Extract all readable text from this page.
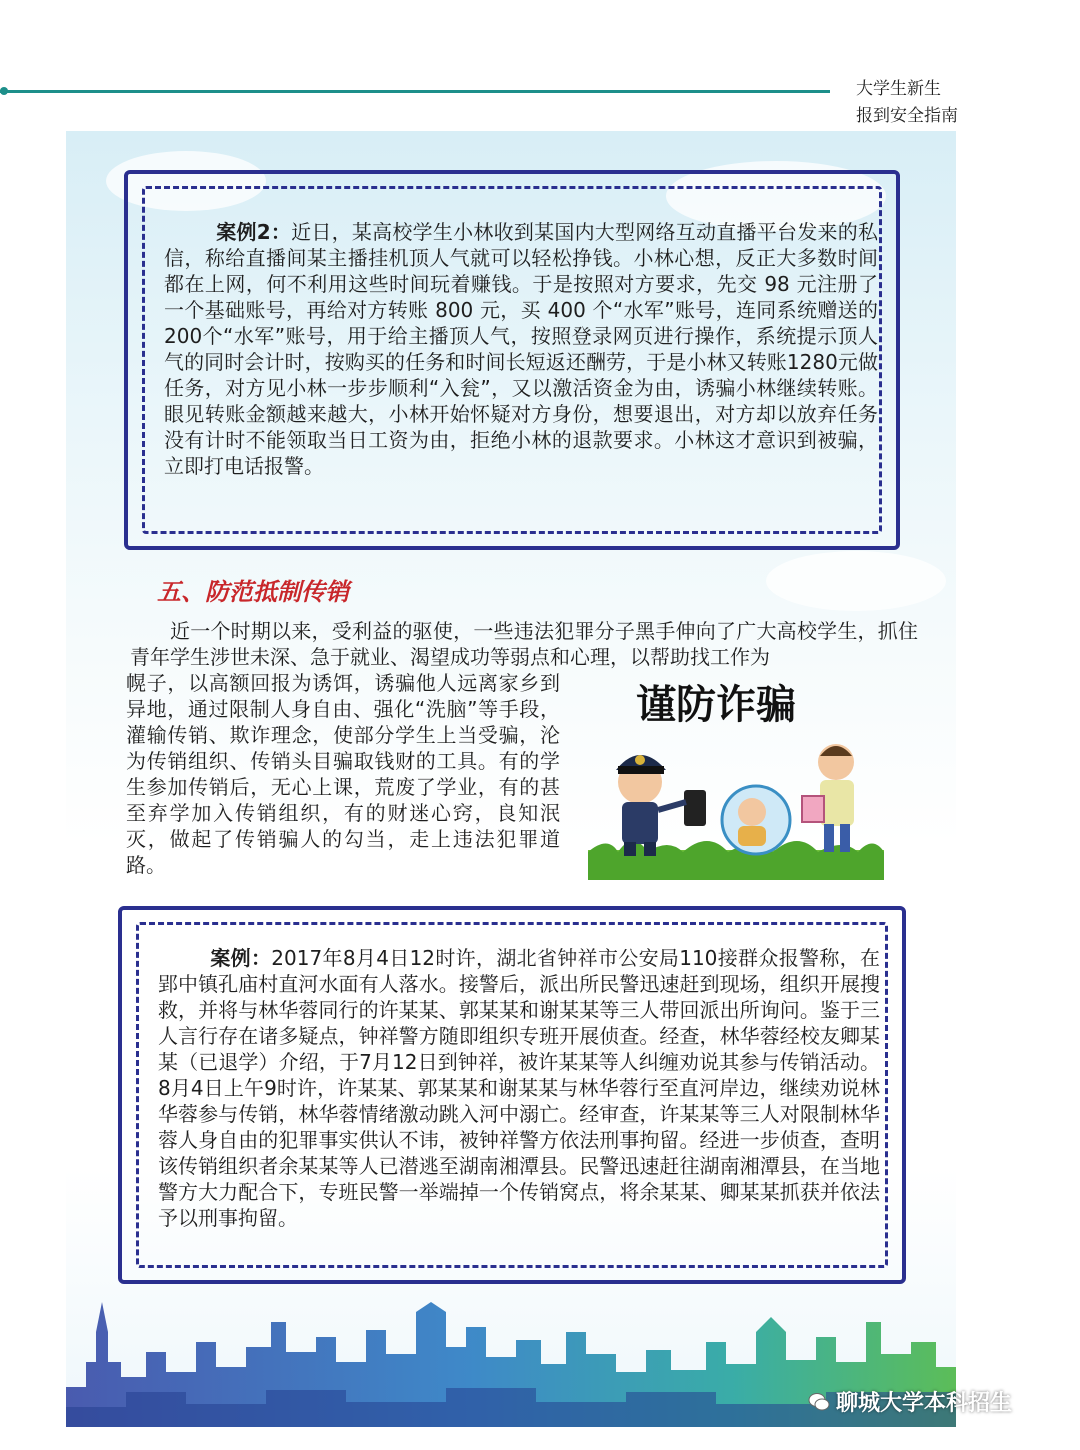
大学生新生
报到安全指南
案例2：近日，某高校学生小林收到某国内大型网络互动直播平台发来的私信，称给直播间某主播挂机顶人气就可以轻松挣钱。小林心想，反正大多数时间都在上网，何不利用这些时间玩着赚钱。于是按照对方要求，先交 98 元注册了一个基础账号，再给对方转账 800 元，买 400 个“水军”账号，连同系统赠送的200个“水军”账号，用于给主播顶人气，按照登录网页进行操作，系统提示顶人气的同时会计时，按购买的任务和时间长短返还酬劳，于是小林又转账1280元做任务，对方见小林一步步顺利“入瓮”，又以激活资金为由，诱骗小林继续转账。眼见转账金额越来越大，小林开始怀疑对方身份，想要退出，对方却以放弃任务没有计时不能领取当日工资为由，拒绝小林的退款要求。小林这才意识到被骗，立即打电话报警。
五、防范抵制传销
近一个时期以来，受利益的驱使，一些违法犯罪分子黑手伸向了广大高校学生，抓住青年学生涉世未深、急于就业、渴望成功等弱点和心理，以帮助找工作为
幌子，以高额回报为诱饵，诱骗他人远离家乡到异地，通过限制人身自由、强化“洗脑”等手段，灌输传销、欺诈理念，使部分学生上当受骗，沦为传销组织、传销头目骗取钱财的工具。有的学生参加传销后，无心上课，荒废了学业，有的甚至弃学加入传销组织，有的财迷心窍，良知泯灭，做起了传销骗人的勾当，走上违法犯罪道路。
谨防诈骗
案例：2017年8月4日12时许，湖北省钟祥市公安局110接群众报警称，在郢中镇孔庙村直河水面有人落水。接警后，派出所民警迅速赶到现场，组织开展搜救，并将与林华蓉同行的许某某、郭某某和谢某某等三人带回派出所询问。鉴于三人言行存在诸多疑点，钟祥警方随即组织专班开展侦查。经查，林华蓉经校友卿某某（已退学）介绍，于7月12日到钟祥，被许某某等人纠缠劝说其参与传销活动。8月4日上午9时许，许某某、郭某某和谢某某与林华蓉行至直河岸边，继续劝说林华蓉参与传销，林华蓉情绪激动跳入河中溺亡。经审查，许某某等三人对限制林华蓉人身自由的犯罪事实供认不讳，被钟祥警方依法刑事拘留。经进一步侦查，查明该传销组织者余某某等人已潜逃至湖南湘潭县。民警迅速赶往湖南湘潭县，在当地警方大力配合下，专班民警一举端掉一个传销窝点，将余某某、卿某某抓获并依法予以刑事拘留。
聊城大学本科招生
